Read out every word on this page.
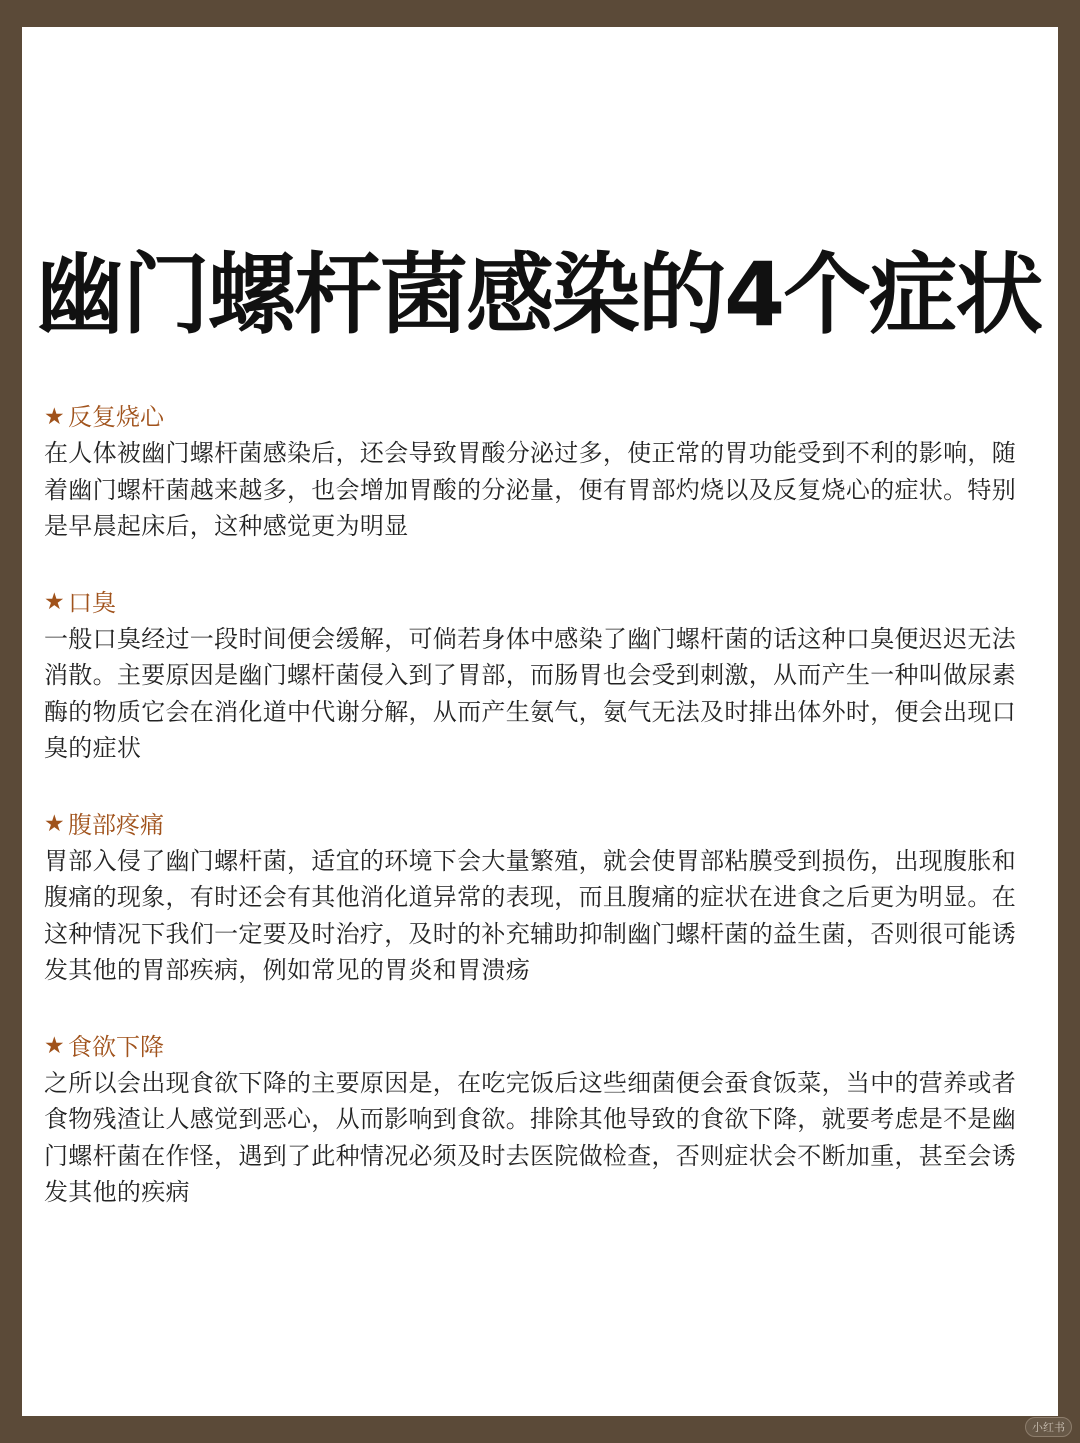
幽门螺杆菌感染的4个症状
★ 反复烧心

在人体被幽门螺杆菌感染后，还会导致胃酸分泌过多，使正常的胃功能受到不利的影响，随着幽门螺杆菌越来越多，也会增加胃酸的分泌量，便有胃部灼烧以及反复烧心的症状。特别是早晨起床后，这种感觉更为明显

★ 口臭

一般口臭经过一段时间便会缓解，可倘若身体中感染了幽门螺杆菌的话这种口臭便迟迟无法消散。主要原因是幽门螺杆菌侵入到了胃部，而肠胃也会受到刺激，从而产生一种叫做尿素酶的物质它会在消化道中代谢分解，从而产生氨气，氨气无法及时排出体外时，便会出现口臭的症状

★ 腹部疼痛

胃部入侵了幽门螺杆菌，适宜的环境下会大量繁殖，就会使胃部粘膜受到损伤，出现腹胀和腹痛的现象，有时还会有其他消化道异常的表现，而且腹痛的症状在进食之后更为明显。在这种情况下我们一定要及时治疗，及时的补充辅助抑制幽门螺杆菌的益生菌，否则很可能诱发其他的胃部疾病，例如常见的胃炎和胃溃疡

★ 食欲下降

之所以会出现食欲下降的主要原因是，在吃完饭后这些细菌便会蚕食饭菜，当中的营养或者食物残渣让人感觉到恶心，从而影响到食欲。排除其他导致的食欲下降，就要考虑是不是幽门螺杆菌在作怪，遇到了此种情况必须及时去医院做检查，否则症状会不断加重，甚至会诱发其他的疾病

小红书
